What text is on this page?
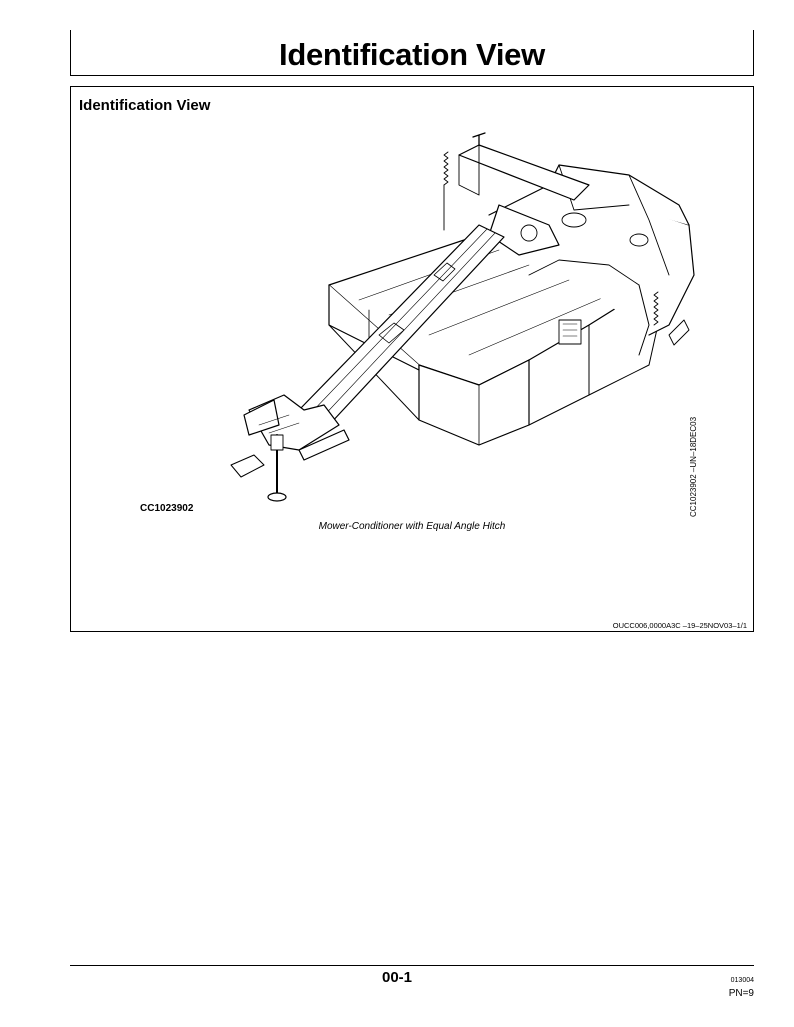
Identification View
Identification View
CC1023902	CC1023902 –UN–18DEC03
Mower-Conditioner with Equal Angle Hitch
OUCC006,0000A3C –19–25NOV03–1/1
00-1	013004
PN=9
